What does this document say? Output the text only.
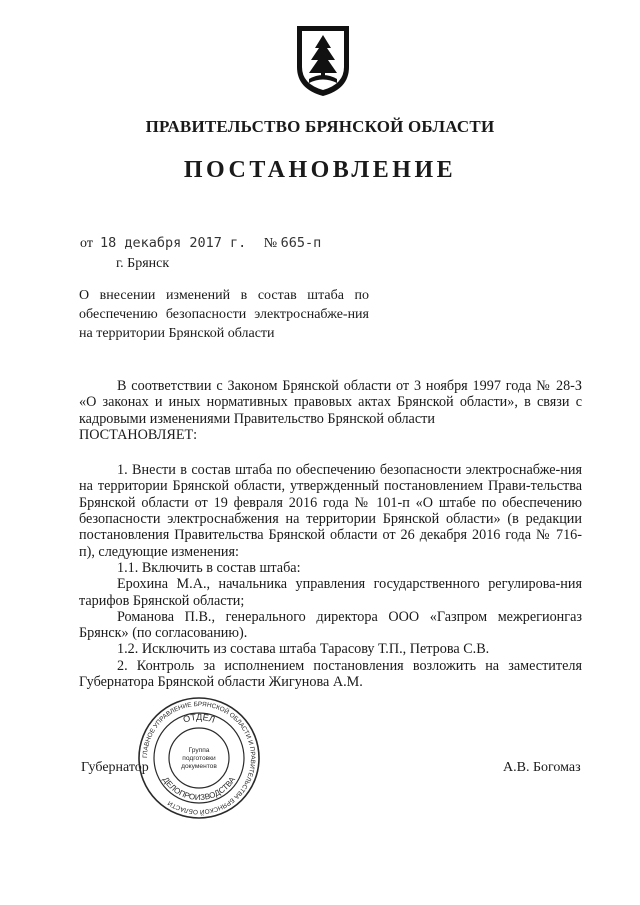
ПРАВИТЕЛЬСТВО БРЯНСКОЙ ОБЛАСТИ
ПОСТАНОВЛЕНИЕ
от 18 декабря 2017 г. № 665-п
г. Брянск
О внесении изменений в состав штаба по обеспечению безопасности электроснабже-ния на территории Брянской области

В соответствии с Законом Брянской области от 3 ноября 1997 года № 28-З «О законах и иных нормативных правовых актах Брянской области», в связи с кадровыми изменениями Правительство Брянской области

ПОСТАНОВЛЯЕТ:

1. Внести в состав штаба по обеспечению безопасности электроснабже-ния на территории Брянской области, утвержденный постановлением Прави-тельства Брянской области от 19 февраля 2016 года № 101-п «О штабе по обеспечению безопасности электроснабжения на территории Брянской области» (в редакции постановления Правительства Брянской области от 26 декабря 2016 года № 716-п), следующие изменения:

1.1. Включить в состав штаба:

Ерохина М.А., начальника управления государственного регулирова-ния тарифов Брянской области;

Романова П.В., генерального директора ООО «Газпром межрегионгаз Брянск» (по согласованию).

1.2. Исключить из состава штаба Тарасову Т.П., Петрова С.В.

2. Контроль за исполнением постановления возложить на заместителя Губернатора Брянской области Жигунова А.М.

Губернатор	А.В. Богомаз
ГЛАВНОЕ УПРАВЛЕНИЕ БРЯНСКОЙ ОБЛАСТИ И ПРАВИТЕЛЬСТВА БРЯНСКОЙ ОБЛАСТИ
ОТДЕЛ
ДЕЛОПРОИЗВОДСТВА
Группа
подготовки
документов
